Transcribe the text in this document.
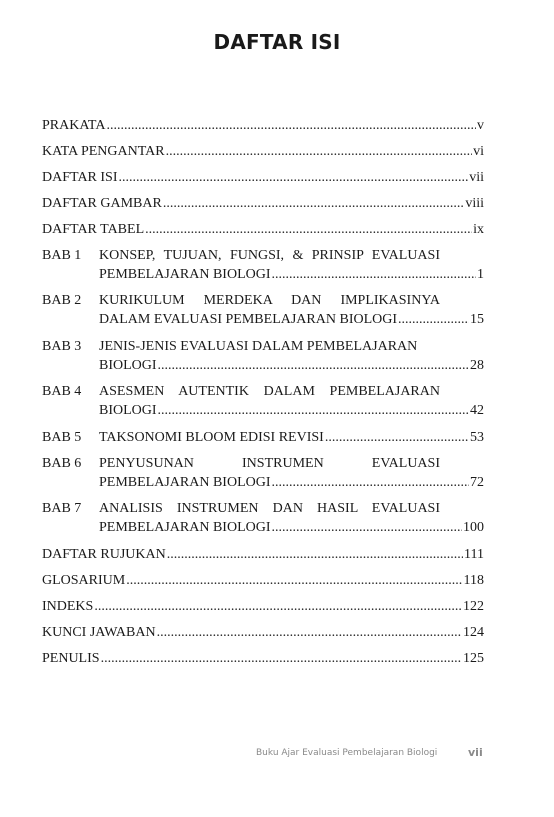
DAFTAR ISI
PRAKATA .....	v
KATA PENGANTAR .....	vi
DAFTAR ISI .....	vii
DAFTAR GAMBAR .....	viii
DAFTAR TABEL .....	ix
BAB 1 KONSEP, TUJUAN, FUNGSI, & PRINSIP EVALUASI
PEMBELAJARAN BIOLOGI .....	1
BAB 2 KURIKULUM MERDEKA DAN IMPLIKASINYA
DALAM EVALUASI PEMBELAJARAN BIOLOGI .....	15
BAB 3 JENIS-JENIS EVALUASI DALAM PEMBELAJARAN
BIOLOGI .....	28
BAB 4 ASESMEN AUTENTIK DALAM PEMBELAJARAN
BIOLOGI .....	42
BAB 5	TAKSONOMI BLOOM EDISI REVISI .....	53
BAB 6 PENYUSUNAN INSTRUMEN EVALUASI
PEMBELAJARAN BIOLOGI .....	72
BAB 7 ANALISIS INSTRUMEN DAN HASIL EVALUASI
PEMBELAJARAN BIOLOGI .....	100
DAFTAR RUJUKAN .....	111
GLOSARIUM .....	118
INDEKS .....	122
KUNCI JAWABAN .....	124
PENULIS .....	125
Buku Ajar Evaluasi Pembelajaran Biologi	vii
